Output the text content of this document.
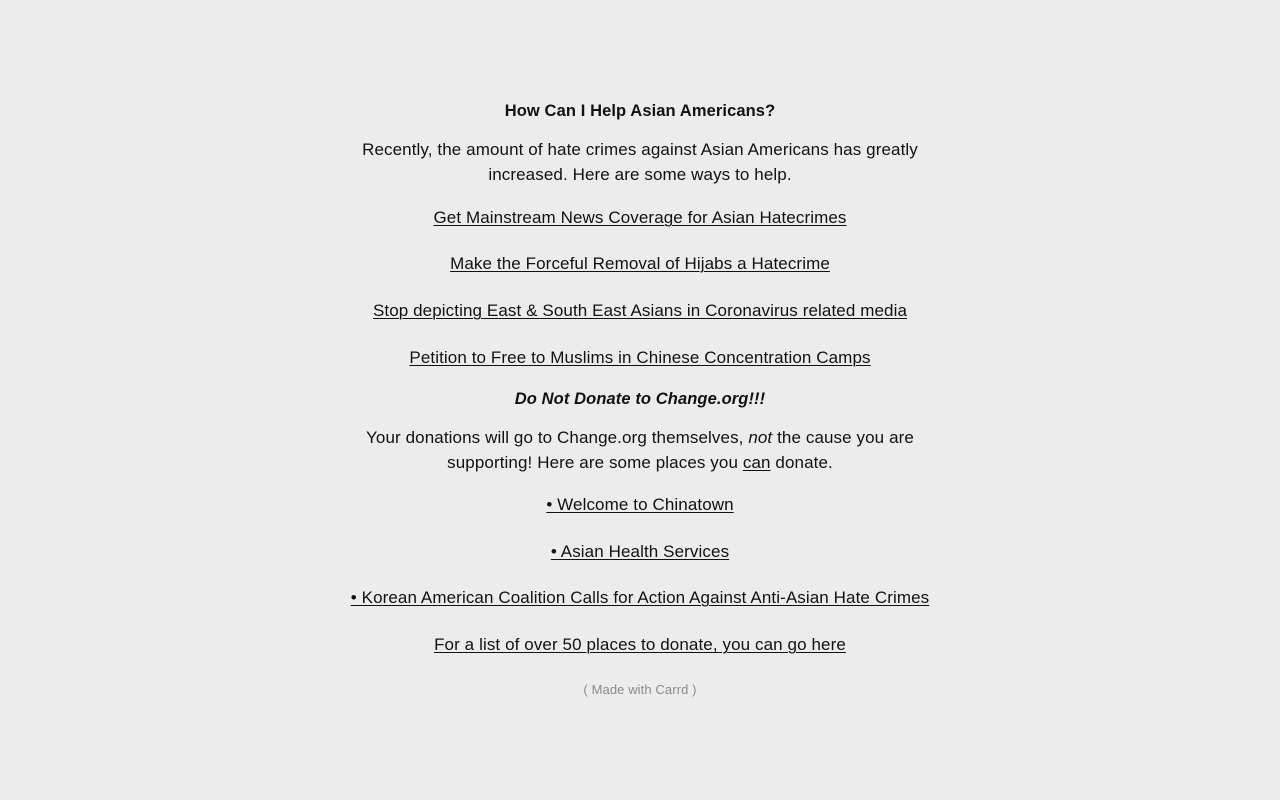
How Can I Help Asian Americans?
Recently, the amount of hate crimes against Asian Americans has greatly increased. Here are some ways to help.
Get Mainstream News Coverage for Asian Hatecrimes
Make the Forceful Removal of Hijabs a Hatecrime
Stop depicting East & South East Asians in Coronavirus related media
Petition to Free to Muslims in Chinese Concentration Camps
Do Not Donate to Change.org!!!
Your donations will go to Change.org themselves, not the cause you are supporting! Here are some places you can donate.
• Welcome to Chinatown
• Asian Health Services
• Korean American Coalition Calls for Action Against Anti-Asian Hate Crimes
For a list of over 50 places to donate, you can go here
( Made with Carrd )
